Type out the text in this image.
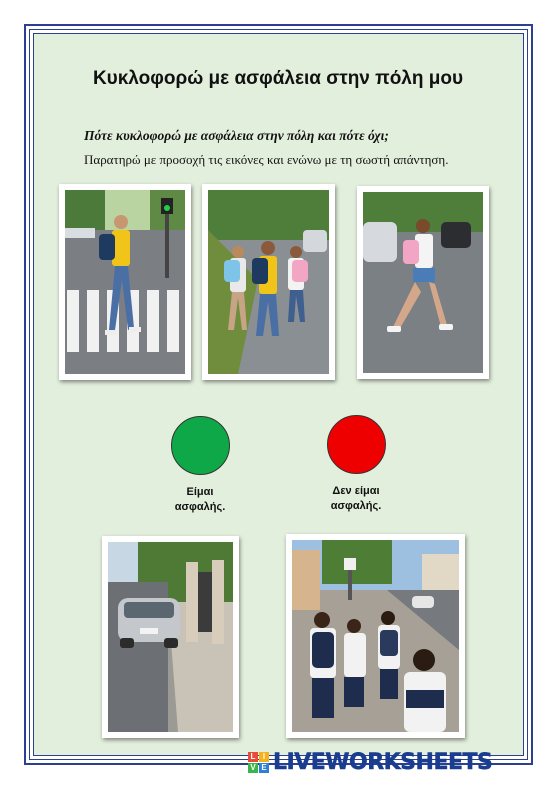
Κυκλοφορώ με ασφάλεια στην πόλη μου
Πότε κυκλοφορώ με ασφάλεια στην πόλη και πότε όχι;
Παρατηρώ με προσοχή τις εικόνες και ενώνω με τη σωστή απάντηση.
Είμαι
ασφαλής.
Δεν είμαι
ασφαλής.
L I
V E LIVEWORKSHEETS
